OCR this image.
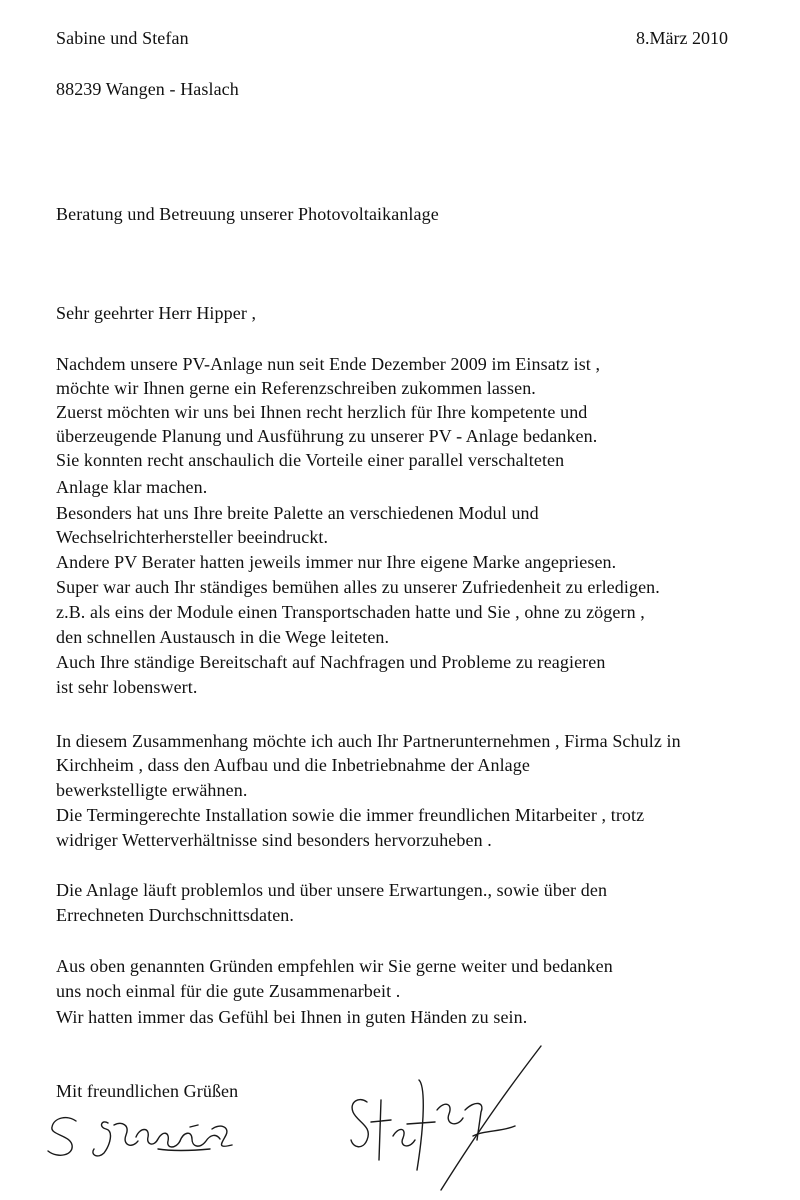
Sabine und Stefan	8.März 2010
88239 Wangen - Haslach
Beratung und Betreuung unserer Photovoltaikanlage
Sehr geehrter Herr Hipper ,
Nachdem unsere PV-Anlage nun seit Ende Dezember 2009 im Einsatz ist ,
möchte wir Ihnen gerne ein Referenzschreiben zukommen lassen.
Zuerst möchten wir uns bei Ihnen recht herzlich für Ihre kompetente und
überzeugende Planung und Ausführung zu unserer PV - Anlage bedanken.
Sie konnten recht anschaulich die Vorteile einer parallel verschalteten
Anlage klar machen.
Besonders hat uns Ihre breite Palette an verschiedenen Modul und
Wechselrichterhersteller beeindruckt.
Andere PV Berater hatten jeweils immer nur Ihre eigene Marke angepriesen.
Super war auch Ihr ständiges bemühen alles zu unserer Zufriedenheit zu erledigen.
z.B. als eins der Module einen Transportschaden hatte und Sie , ohne zu zögern ,
den schnellen Austausch in die Wege leiteten.
Auch Ihre ständige Bereitschaft auf Nachfragen und Probleme zu reagieren
ist sehr lobenswert.
In diesem Zusammenhang möchte ich auch Ihr Partnerunternehmen , Firma Schulz in
Kirchheim , dass den Aufbau und die Inbetriebnahme der Anlage
bewerkstelligte erwähnen.
Die Termingerechte Installation sowie die immer freundlichen Mitarbeiter , trotz
widriger Wetterverhältnisse sind besonders hervorzuheben .
Die Anlage läuft problemlos und über unsere Erwartungen., sowie über den
Errechneten Durchschnittsdaten.
Aus oben genannten Gründen empfehlen wir Sie gerne weiter und bedanken
uns noch einmal für die gute Zusammenarbeit .
Wir hatten immer das Gefühl bei Ihnen in guten Händen zu sein.
Mit freundlichen Grüßen
